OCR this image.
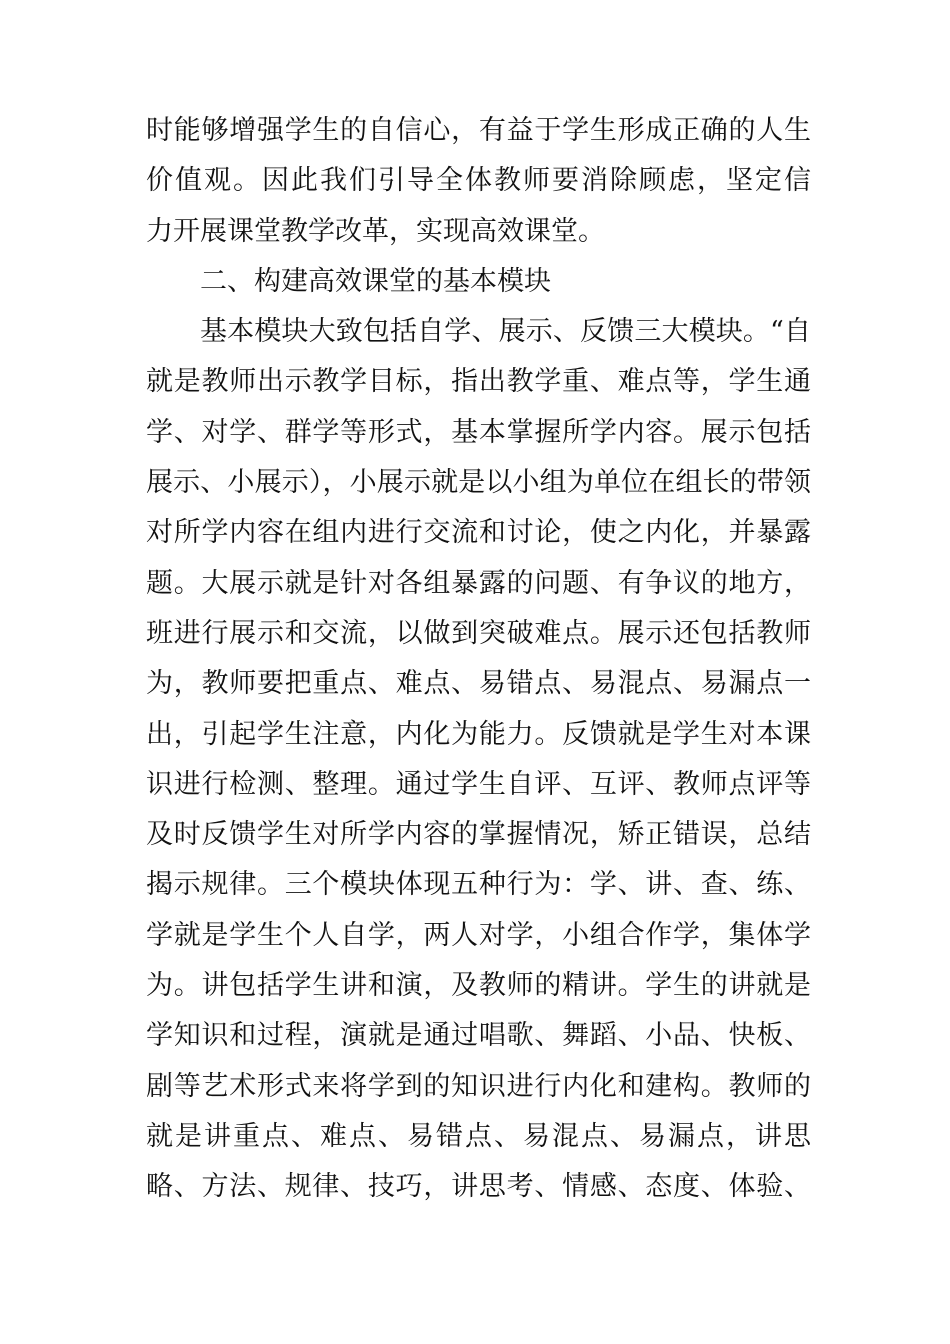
时能够增强学生的自信心，有益于学生形成正确的人生
价值观。因此我们引导全体教师要消除顾虑，坚定信
力开展课堂教学改革，实现高效课堂。
二、构建高效课堂的基本模块
基本模块大致包括自学、展示、反馈三大模块。“自
就是教师出示教学目标，指出教学重、难点等，学生通
学、对学、群学等形式，基本掌握所学内容。展示包括
展示、小展示），小展示就是以小组为单位在组长的带领
对所学内容在组内进行交流和讨论，使之内化，并暴露
题。大展示就是针对各组暴露的问题、有争议的地方，
班进行展示和交流，以做到突破难点。展示还包括教师
为，教师要把重点、难点、易错点、易混点、易漏点一
出，引起学生注意，内化为能力。反馈就是学生对本课
识进行检测、整理。通过学生自评、互评、教师点评等
及时反馈学生对所学内容的掌握情况，矫正错误，总结
揭示规律。三个模块体现五种行为：学、讲、查、练、
学就是学生个人自学，两人对学，小组合作学，集体学
为。讲包括学生讲和演，及教师的精讲。学生的讲就是
学知识和过程，演就是通过唱歌、舞蹈、小品、快板、
剧等艺术形式来将学到的知识进行内化和建构。教师的
就是讲重点、难点、易错点、易混点、易漏点，讲思
略、方法、规律、技巧，讲思考、情感、态度、体验、
